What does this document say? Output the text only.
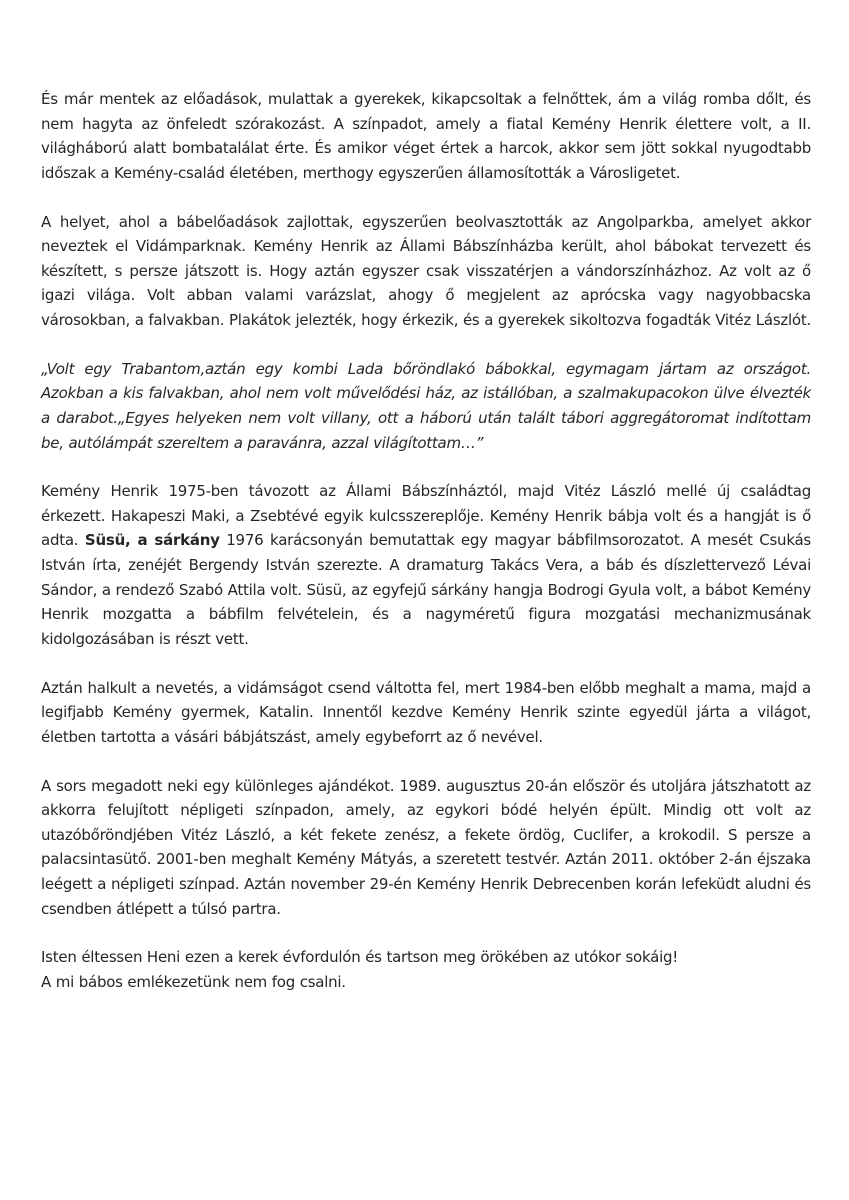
És már mentek az előadások, mulattak a gyerekek, kikapcsoltak a felnőttek, ám a világ romba dőlt, és nem hagyta az önfeledt szórakozást. A színpadot, amely a fiatal Kemény Henrik élettere volt, a II. világháború alatt bombatalálat érte. És amikor véget értek a harcok, akkor sem jött sokkal nyugodtabb időszak a Kemény-család életében, merthogy egyszerűen államosították a Városligetet.

A helyet, ahol a bábelőadások zajlottak, egyszerűen beolvasztották az Angolparkba, amelyet akkor neveztek el Vidámparknak. Kemény Henrik az Állami Bábszínházba került, ahol bábokat tervezett és készített, s persze játszott is. Hogy aztán egyszer csak visszatérjen a vándorszínházhoz. Az volt az ő igazi világa. Volt abban valami varázslat, ahogy ő megjelent az aprócska vagy nagyobbacska városokban, a falvakban. Plakátok jelezték, hogy érkezik, és a gyerekek sikoltozva fogadták Vitéz Lászlót.

„Volt egy Trabantom,aztán egy kombi Lada bőröndlakó bábokkal, egymagam jártam az országot. Azokban a kis falvakban, ahol nem volt művelődési ház, az istállóban, a szalmakupacokon ülve élvezték a darabot.„Egyes helyeken nem volt villany, ott a háború után talált tábori aggregátoromat indítottam be, autólámpát szereltem a paravánra, azzal világítottam…”

Kemény Henrik 1975-ben távozott az Állami Bábszínháztól, majd Vitéz László mellé új családtag érkezett. Hakapeszi Maki, a Zsebtévé egyik kulcsszereplője. Kemény Henrik bábja volt és a hangját is ő adta. Süsü, a sárkány 1976 karácsonyán bemutattak egy magyar bábfilmsorozatot. A mesét Csukás István írta, zenéjét Bergendy István szerezte. A dramaturg Takács Vera, a báb és díszlettervező Lévai Sándor, a rendező Szabó Attila volt. Süsü, az egyfejű sárkány hangja Bodrogi Gyula volt, a bábot Kemény Henrik mozgatta a bábfilm felvételein, és a nagyméretű figura mozgatási mechanizmusának kidolgozásában is részt vett.

Aztán halkult a nevetés, a vidámságot csend váltotta fel, mert 1984-ben előbb meghalt a mama, majd a legifjabb Kemény gyermek, Katalin. Innentől kezdve Kemény Henrik szinte egyedül járta a világot, életben tartotta a vásári bábjátszást, amely egybeforrt az ő nevével.

A sors megadott neki egy különleges ajándékot. 1989. augusztus 20-án először és utoljára játszhatott az akkorra felujított népligeti színpadon, amely, az egykori bódé helyén épült. Mindig ott volt az utazóbőröndjében Vitéz László, a két fekete zenész, a fekete ördög, Cuclifer, a krokodil. S persze a palacsintasütő. 2001-ben meghalt Kemény Mátyás, a szeretett testvér. Aztán 2011. október 2-án éjszaka leégett a népligeti színpad. Aztán november 29-én Kemény Henrik Debrecenben korán lefeküdt aludni és csendben átlépett a túlsó partra.

Isten éltessen Heni ezen a kerek évfordulón és tartson meg örökében az utókor sokáig!
A mi bábos emlékezetünk nem fog csalni.
